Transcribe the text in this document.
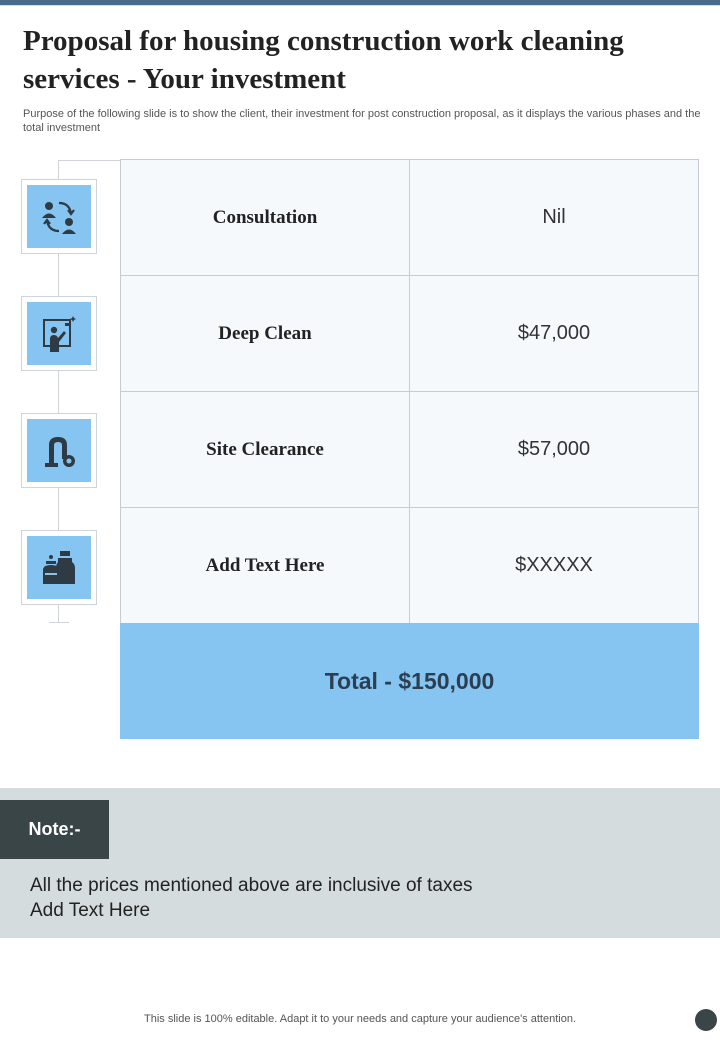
Proposal for housing construction work cleaning services - Your investment

Purpose of the following slide is to show the client, their investment for post construction proposal, as it displays the various phases and the total investment

Consultation	Nil
Deep Clean	$47,000
Site Clearance	$57,000
Add Text Here	$XXXXX
Total - $150,000
Note:-
All the prices mentioned above are inclusive of taxes
Add Text Here
This slide is 100% editable. Adapt it to your needs and capture your audience's attention.
